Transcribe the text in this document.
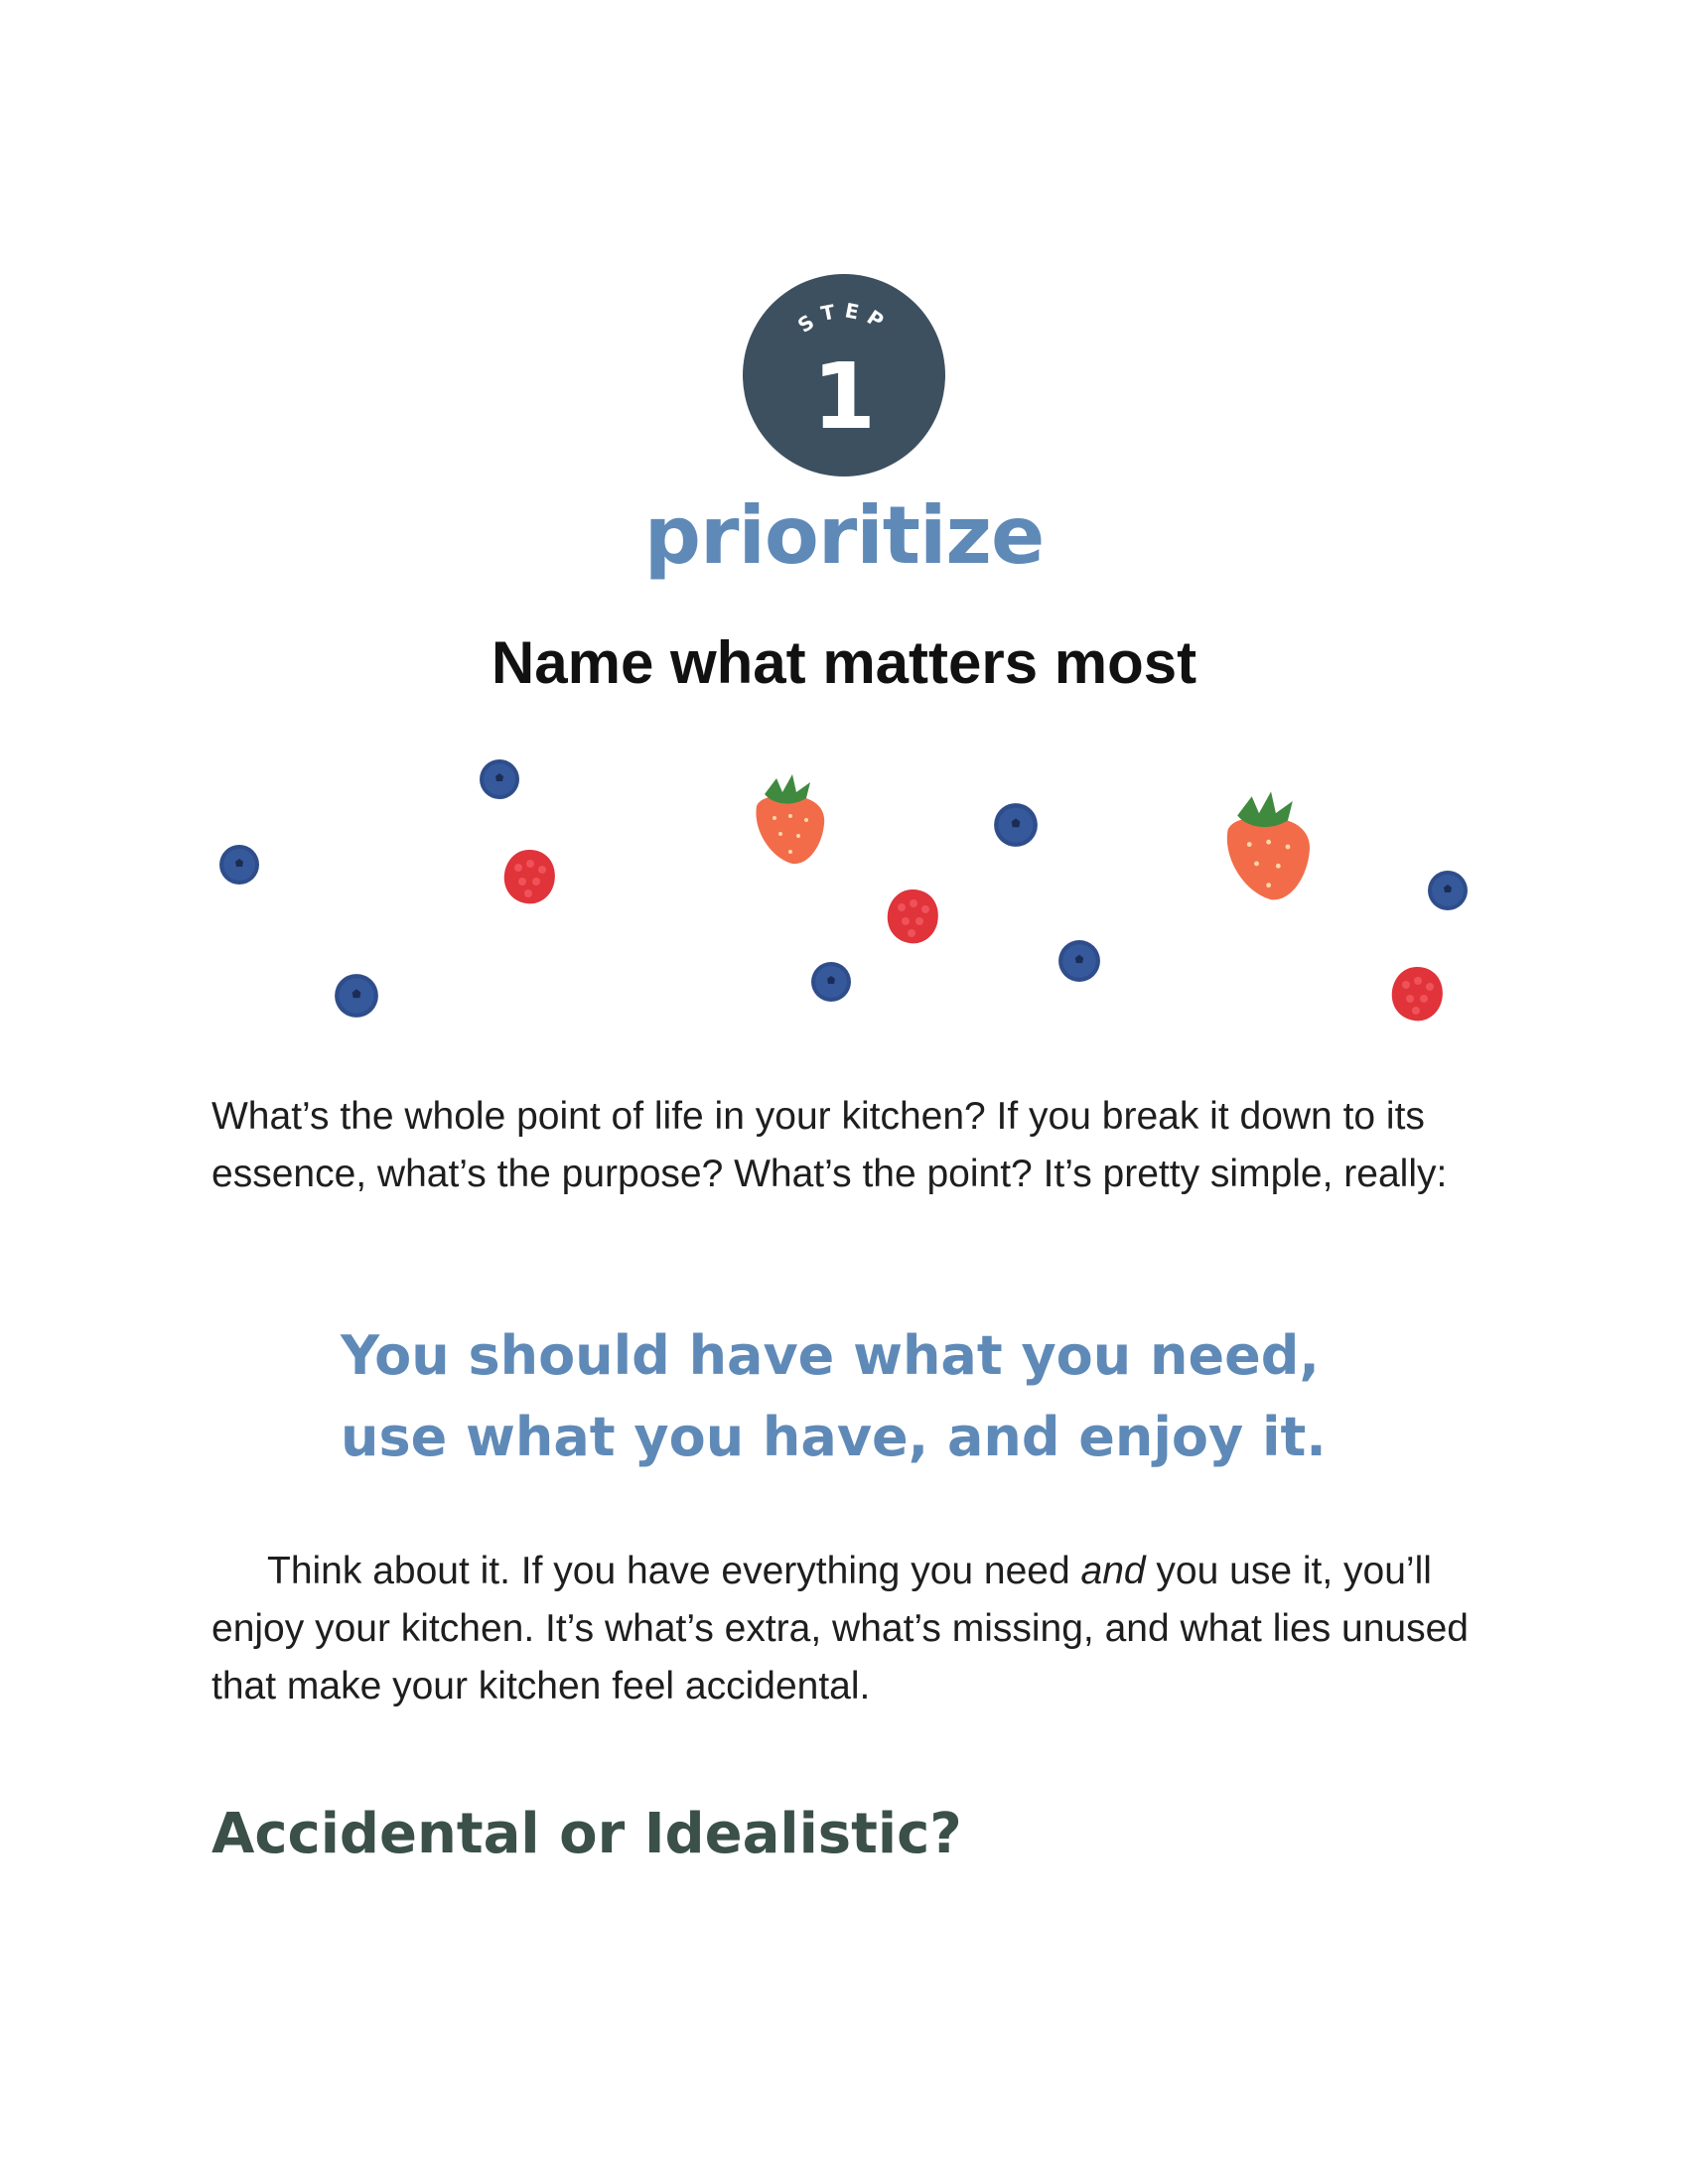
STEP
1
prioritize
Name what matters most

What’s the whole point of life in your kitchen? If you break it down to its essence, what’s the purpose? What’s the point? It’s pretty simple, really:

You should have what you need,
use what you have, and enjoy it.

Think about it. If you have everything you need and you use it, you’ll enjoy your kitchen. It’s what’s extra, what’s missing, and what lies unused that make your kitchen feel accidental.

Accidental or Idealistic?
